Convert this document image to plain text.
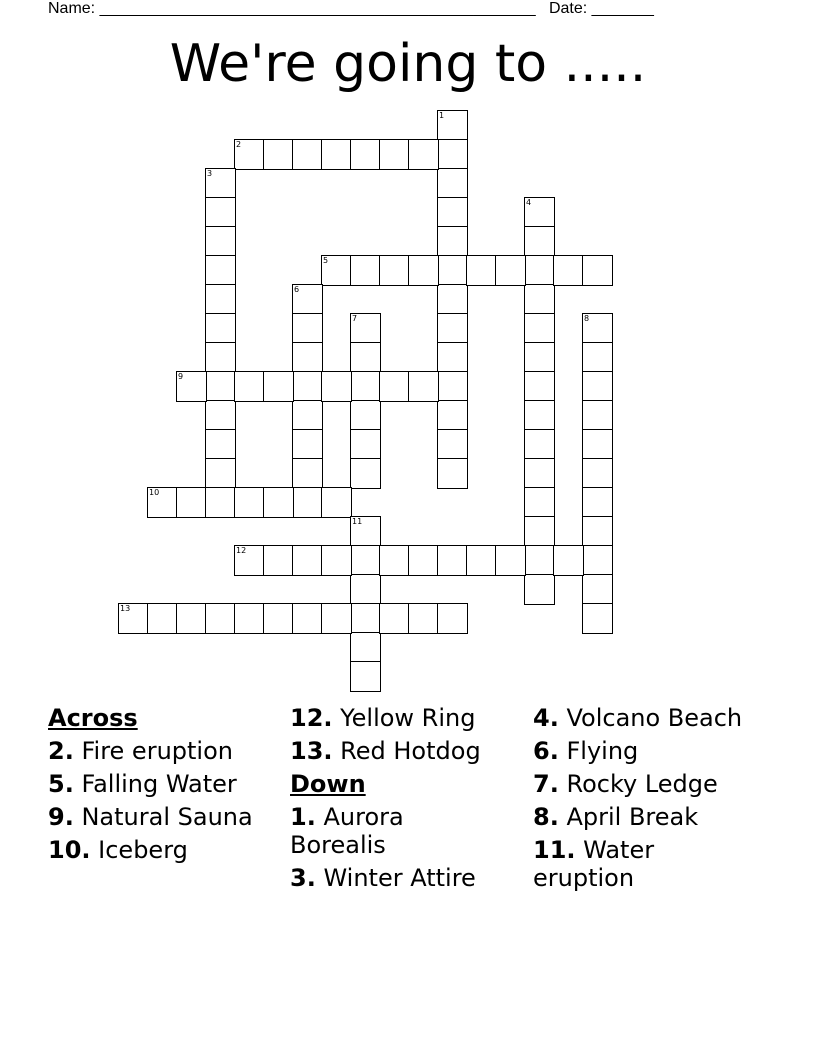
Name: _________________________________________________ Date: _______
We're going to .....
1
2
3
4
5
6
7	8
9
10
11
12
13
Across
2. Fire eruption
5. Falling Water
9. Natural Sauna
10. Iceberg
12. Yellow Ring
13. Red Hotdog
Down
1. Aurora Borealis
3. Winter Attire
4. Volcano Beach
6. Flying
7. Rocky Ledge
8. April Break
11. Water eruption
